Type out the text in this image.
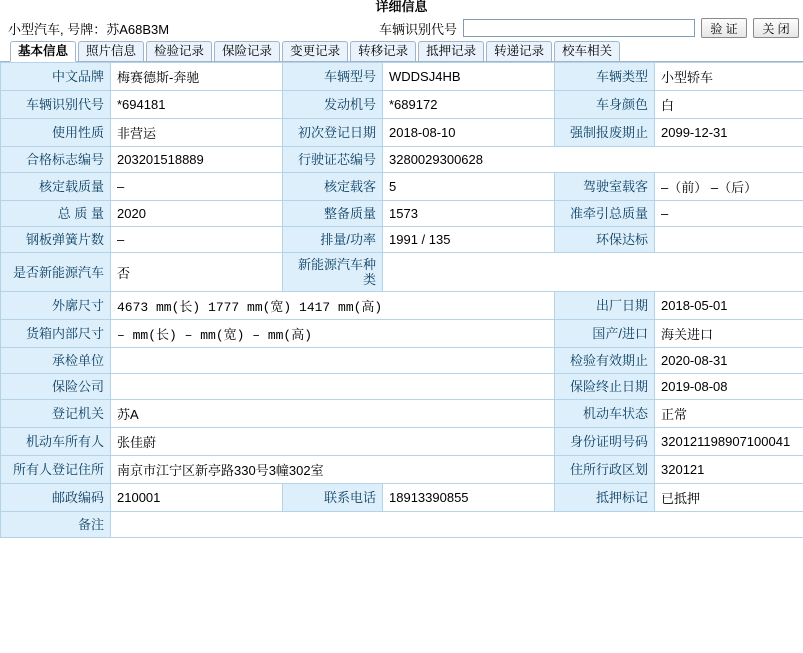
详细信息
小型汽车, 号牌：苏A68B3M	车辆识别代号	验 证	关 闭
基本信息	照片信息	检验记录	保险记录	变更记录	转移记录	抵押记录	转递记录	校车相关
中文品牌	梅赛德斯-奔驰	车辆型号	WDDSJ4HB	车辆类型	小型轿车
车辆识别代号	*694181	发动机号	*689172	车身颜色	白
使用性质	非营运	初次登记日期	2018-08-10	强制报废期止	2099-12-31
合格标志编号	203201518889	行驶证芯编号	3280029300628		
核定载质量	–	核定载客	5	驾驶室载客	–（前） –（后）
总 质 量	2020	整备质量	1573	准牵引总质量	–
钢板弹簧片数	–	排量/功率	1991 / 135	环保达标	
是否新能源汽车	否	新能源汽车种类			
外廓尺寸	4673 mm(长) 1777 mm(宽) 1417 mm(高)			出厂日期	2018-05-01
货箱内部尺寸	– mm(长) – mm(宽) – mm(高)			国产/进口	海关进口
承检单位				检验有效期止	2020-08-31
保险公司				保险终止日期	2019-08-08
登记机关	苏A			机动车状态	正常
机动车所有人	张佳蔚			身份证明号码	320121198907100041
所有人登记住所	南京市江宁区新亭路330号3幢302室			住所行政区划	320121
邮政编码	210001	联系电话	18913390855	抵押标记	已抵押
备注					
